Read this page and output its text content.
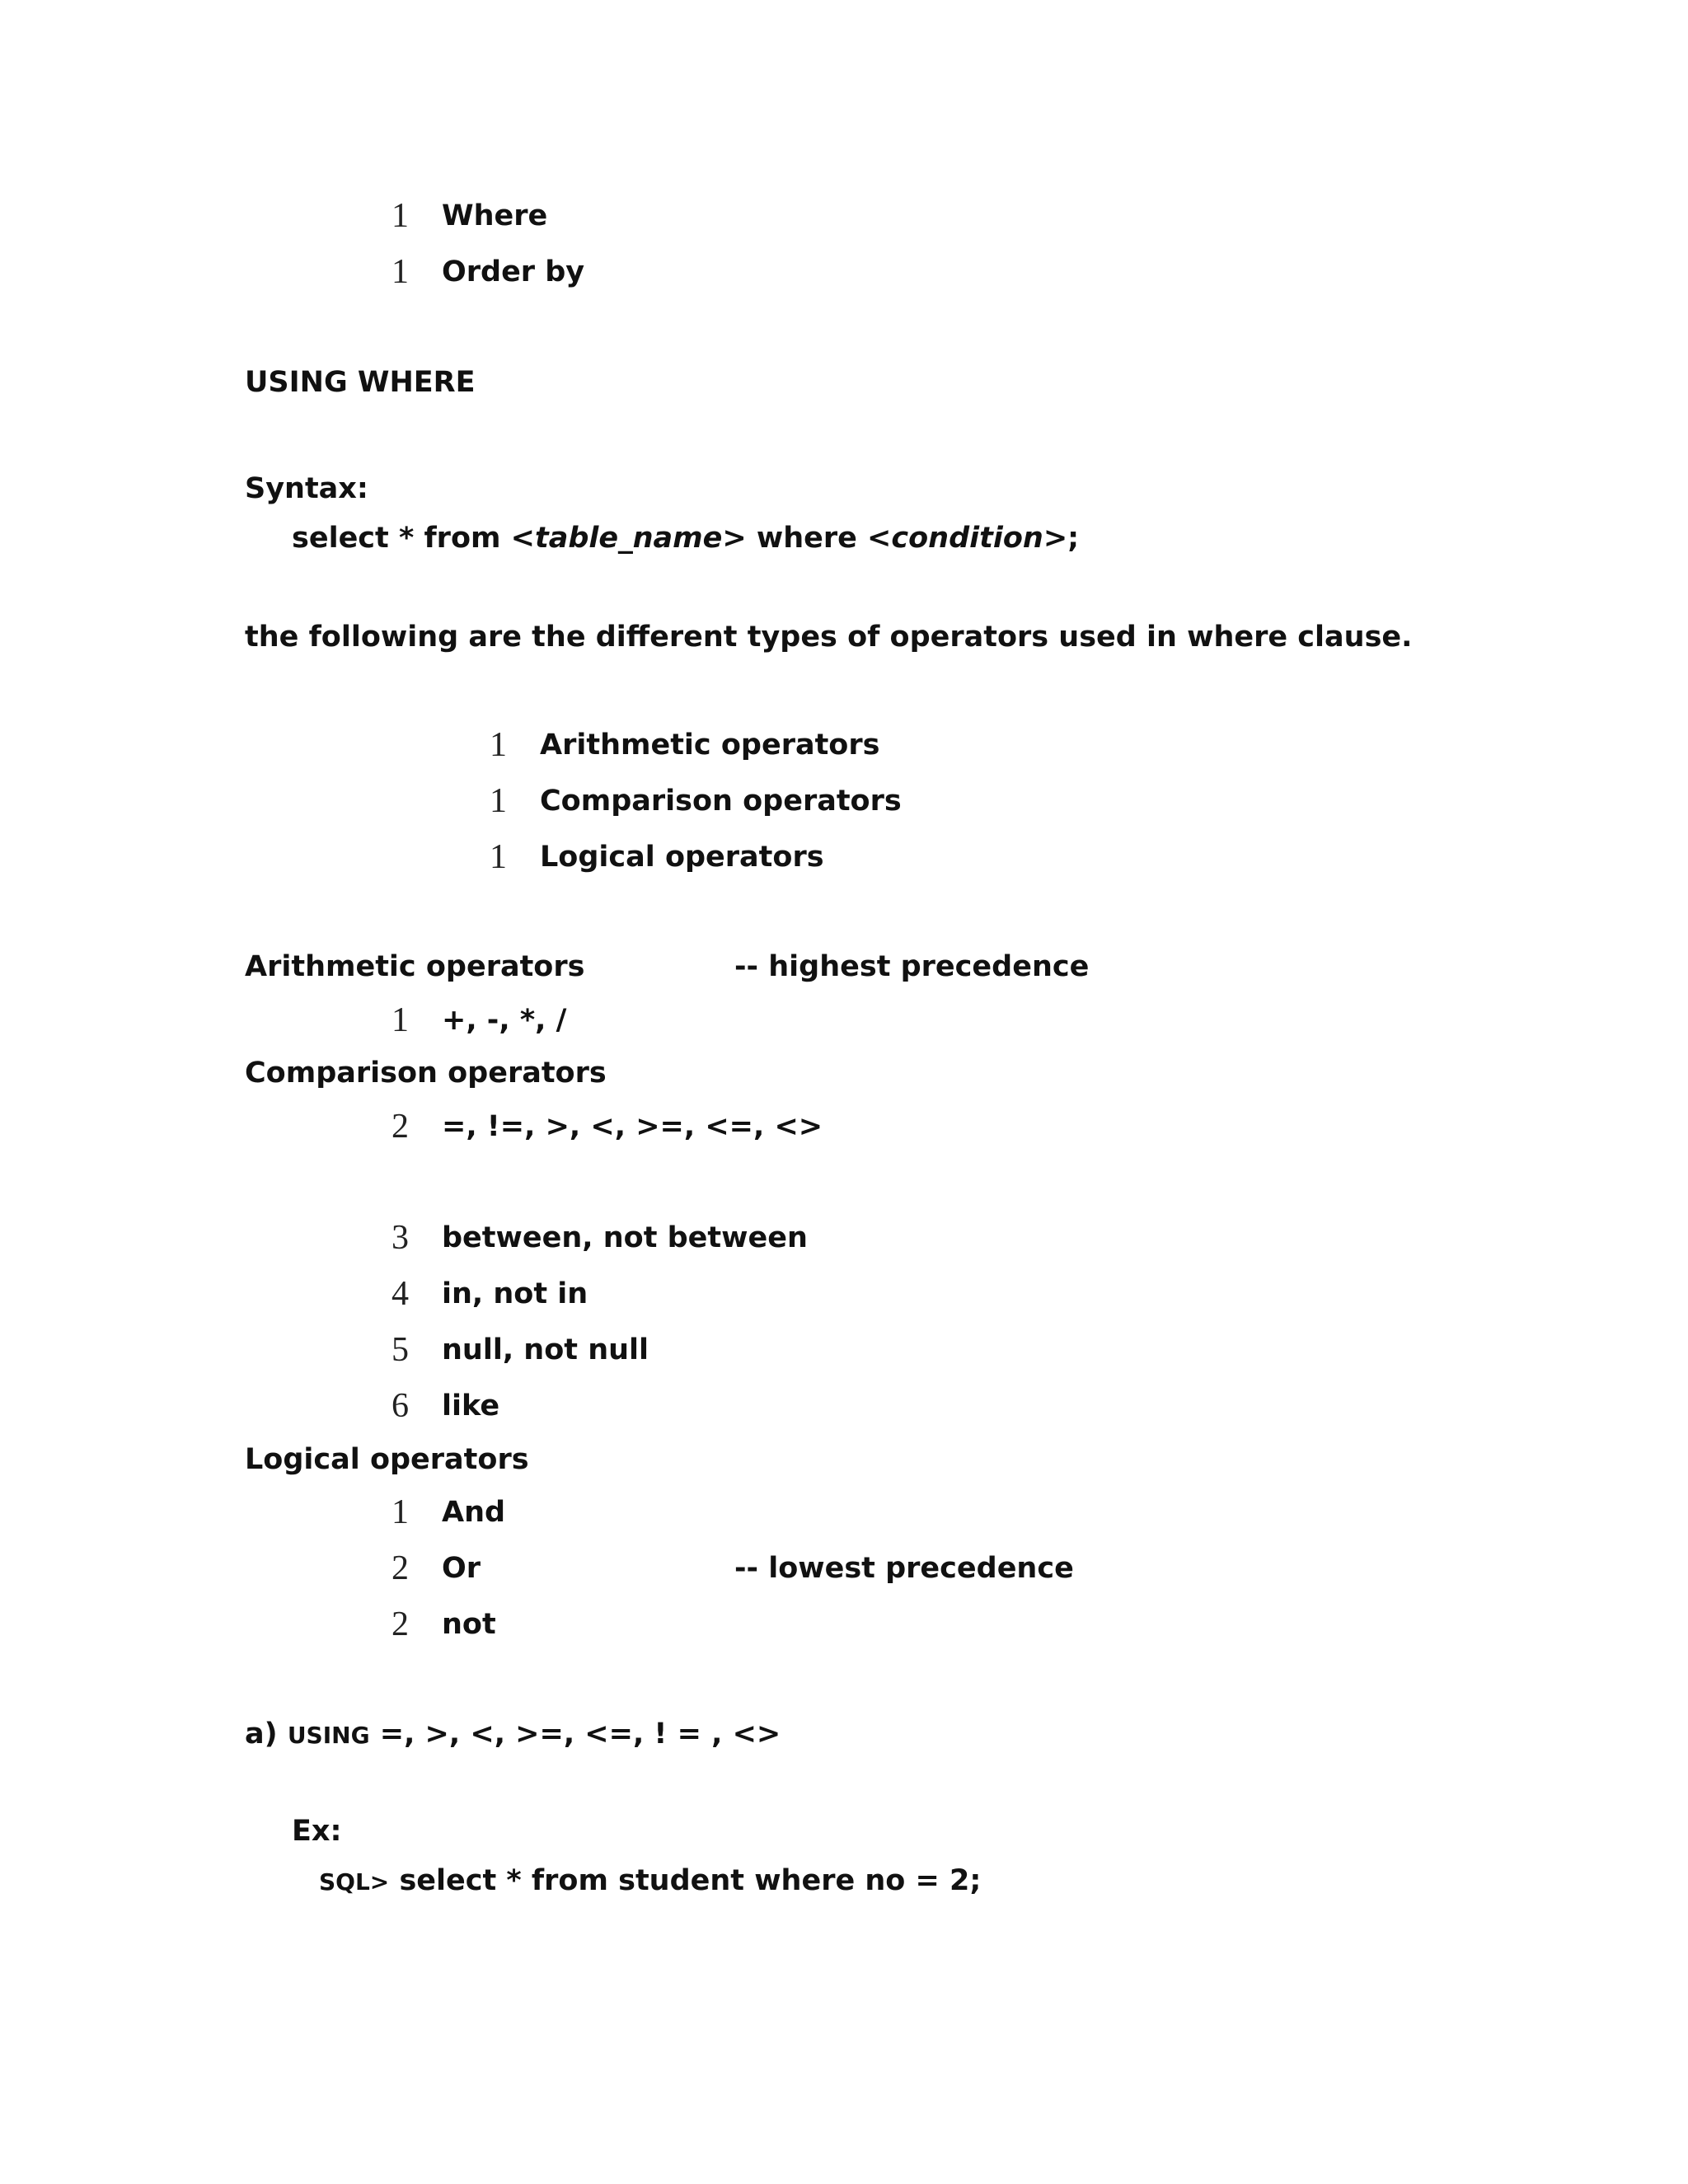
1 Where
1 Order by
USING WHERE
Syntax:
select * from <table_name> where <condition>;
the following are the different types of operators used in where clause.
1 Arithmetic operators
1 Comparison operators
1 Logical operators
Arithmetic operators	-- highest precedence
1 +, -, *, /
Comparison operators
2 =, !=, >, <, >=, <=, <>
3 between, not between
4 in, not in
5 null, not null
6 like
Logical operators
1 And
2 Or	-- lowest precedence
2 not
a) USING =, >, <, >=, <=, ! = , <>
Ex:
SQL> select * from student where no = 2;
